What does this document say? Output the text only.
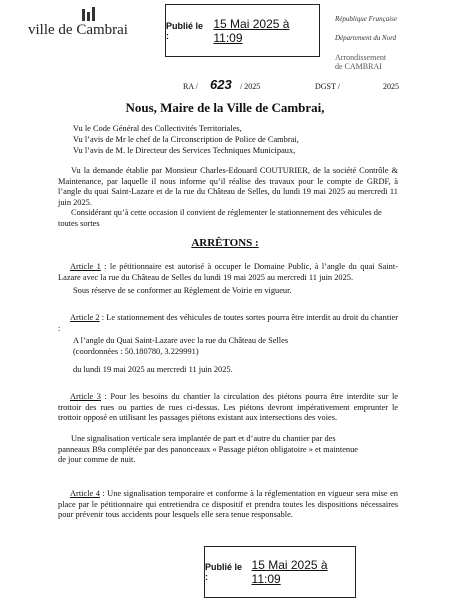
ville de Cambrai	Publié le :
15 Mai 2025 à 11:09
République Française
Département du Nord
Arrondissement
de CAMBRAI
RA / 623 / 2025	DGST /	2025
Nous, Maire de la Ville de Cambrai,
Vu le Code Général des Collectivités Territoriales,
Vu l’avis de Mr le chef de la Circonscription de Police de Cambrai,
Vu l’avis de M. le Directeur des Services Techniques Municipaux,
Vu la demande établie par Monsieur Charles-Edouard COUTURIER, de la société Contrôle & Maintenance, par laquelle il nous informe qu’il réalise des travaux pour le compte de GRDF, à l’angle du quai Saint-Lazare et de la rue du Château de Selles, du lundi 19 mai 2025 au mercredi 11 juin 2025.
Considérant qu’à cette occasion il convient de réglementer le stationnement des véhicules de toutes sortes
ARRÊTONS :
Article 1 : le pétitionnaire est autorisé à occuper le Domaine Public, à l’angle du quai Saint-Lazare avec la rue du Château de Selles du lundi 19 mai 2025 au mercredi 11 juin 2025.
Sous réserve de se conformer au Règlement de Voirie en vigueur.
Article 2 : Le stationnement des véhicules de toutes sortes pourra être interdit au droit du chantier :
A l’angle du Quai Saint-Lazare avec la rue du Château de Selles
(coordonnées : 50.180780, 3.229991)
du lundi 19 mai 2025 au mercredi 11 juin 2025.
Article 3 : Pour les besoins du chantier la circulation des piétons pourra être interdite sur le trottoir des rues ou parties de rues ci-dessus. Les piétons devront impérativement emprunter le trottoir opposé en utilisant les passages piétons existant aux intersections des voies.
Une signalisation verticale sera implantée de part et d’autre du chantier par des panneaux B9a complétée par des panonceaux « Passage piéton obligatoire » et maintenue de jour comme de nuit.
Article 4 : Une signalisation temporaire et conforme à la réglementation en vigueur sera mise en place par le pétitionnaire qui entretiendra ce dispositif et prendra toutes les dispositions nécessaires pour prévenir tous accidents pour lesquels elle sera tenue responsable.
Publié le :
15 Mai 2025 à 11:09
